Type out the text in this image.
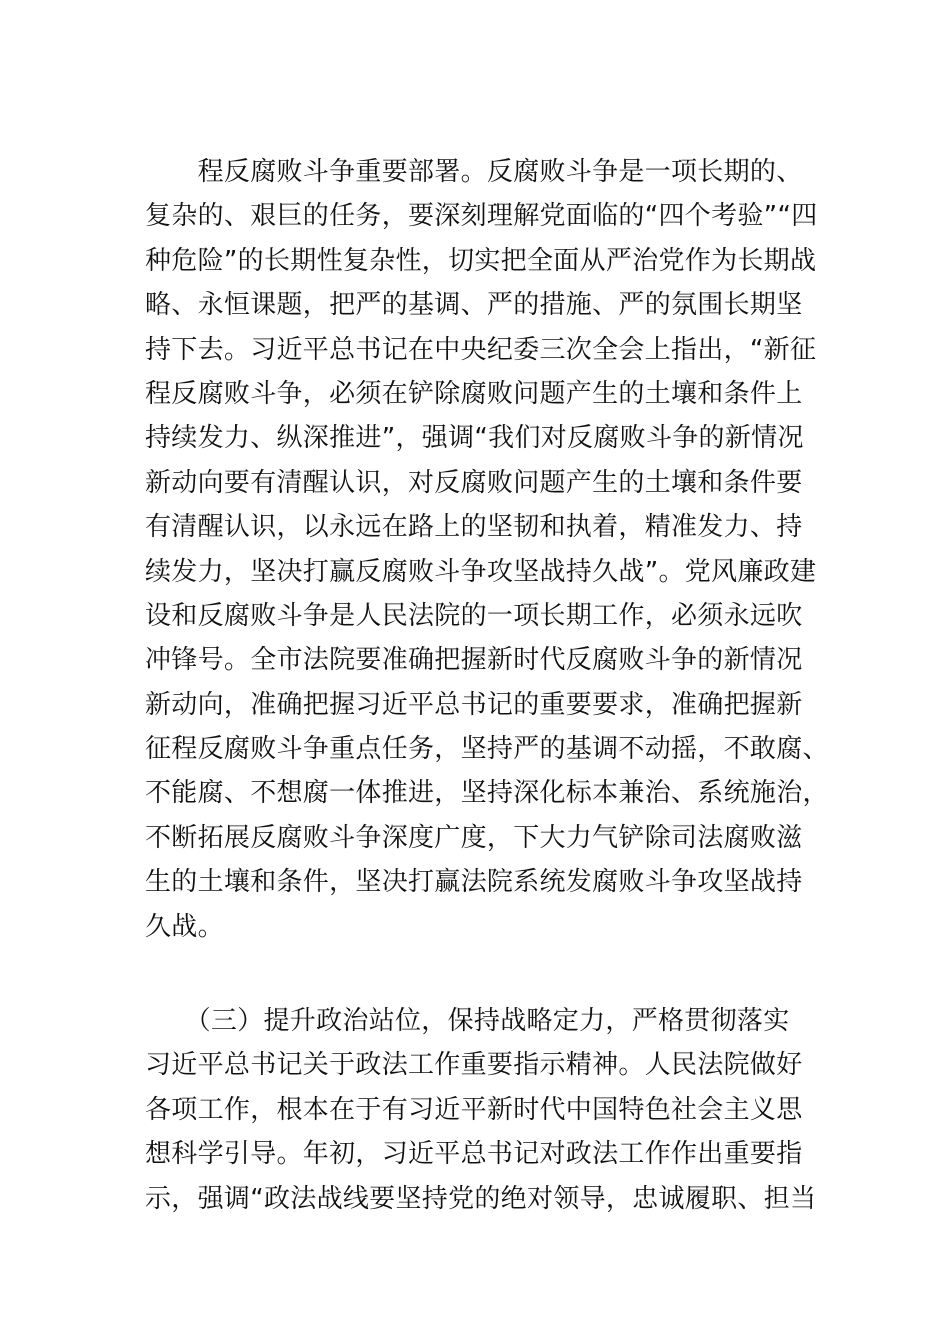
　　程反腐败斗争重要部署。反腐败斗争是一项长期的、
复杂的、艰巨的任务，要深刻理解党面临的“四个考验”“四
种危险”的长期性复杂性，切实把全面从严治党作为长期战
略、永恒课题，把严的基调、严的措施、严的氛围长期坚
持下去。习近平总书记在中央纪委三次全会上指出，“新征
程反腐败斗争，必须在铲除腐败问题产生的土壤和条件上
持续发力、纵深推进”，强调“我们对反腐败斗争的新情况
新动向要有清醒认识，对反腐败问题产生的土壤和条件要
有清醒认识，以永远在路上的坚韧和执着，精准发力、持
续发力，坚决打赢反腐败斗争攻坚战持久战”。党风廉政建
设和反腐败斗争是人民法院的一项长期工作，必须永远吹
冲锋号。全市法院要准确把握新时代反腐败斗争的新情况
新动向，准确把握习近平总书记的重要要求，准确把握新
征程反腐败斗争重点任务，坚持严的基调不动摇，不敢腐、
不能腐、不想腐一体推进，坚持深化标本兼治、系统施治，
不断拓展反腐败斗争深度广度，下大力气铲除司法腐败滋
生的土壤和条件，坚决打赢法院系统发腐败斗争攻坚战持
久战。
　　（三）提升政治站位，保持战略定力，严格贯彻落实
习近平总书记关于政法工作重要指示精神。人民法院做好
各项工作，根本在于有习近平新时代中国特色社会主义思
想科学引导。年初，习近平总书记对政法工作作出重要指
示，强调“政法战线要坚持党的绝对领导，忠诚履职、担当
